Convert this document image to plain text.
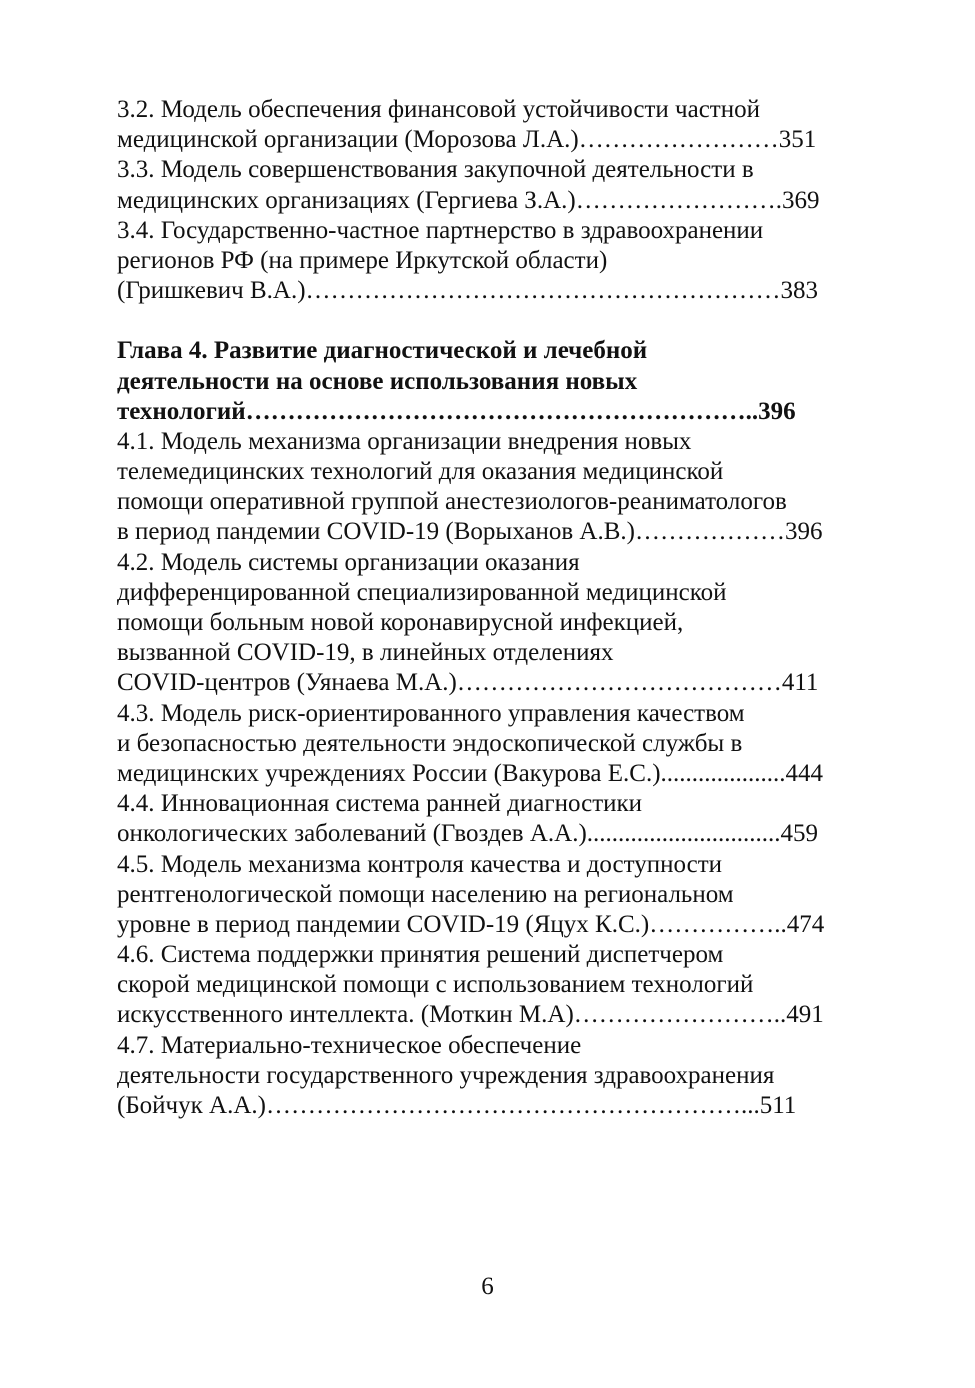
3.2. Модель обеспечения финансовой устойчивости частной
медицинской организации (Морозова Л.А.)……………………351
3.3. Модель совершенствования закупочной деятельности в
медицинских организациях (Гергиева З.А.)…………………….369
3.4. Государственно-частное партнерство в здравоохранении
регионов РФ (на примере Иркутской области)
(Гришкевич В.А.)…………………………………………………383
Глава 4. Развитие диагностической и лечебной
деятельности на основе использования новых
технологий……………………………………………………..396
4.1. Модель механизма организации внедрения новых
телемедицинских технологий для оказания медицинской
помощи оперативной группой анестезиологов-реаниматологов
в период пандемии COVID-19 (Ворыханов А.В.)………………396
4.2. Модель системы организации оказания
дифференцированной специализированной медицинской
помощи больным новой коронавирусной инфекцией,
вызванной COVID-19, в линейных отделениях
COVID-центров (Уянаева М.А.)…………………………………411
4.3. Модель риск-ориентированного управления качеством
и безопасностью деятельности эндоскопической службы в
медицинских учреждениях России (Вакурова Е.С.)....................444
4.4. Инновационная система ранней диагностики
онкологических заболеваний (Гвоздев А.А.)...............................459
4.5. Модель механизма контроля качества и доступности
рентгенологической помощи населению на региональном
уровне в период пандемии COVID-19 (Яцух К.С.)……………..474
4.6. Система поддержки принятия решений диспетчером
скорой медицинской помощи с использованием технологий
искусственного интеллекта. (Моткин М.А)……………………..491
4.7. Материально-техническое обеспечение
деятельности государственного учреждения здравоохранения
(Бойчук А.А.)…………………………………………………...511
6
